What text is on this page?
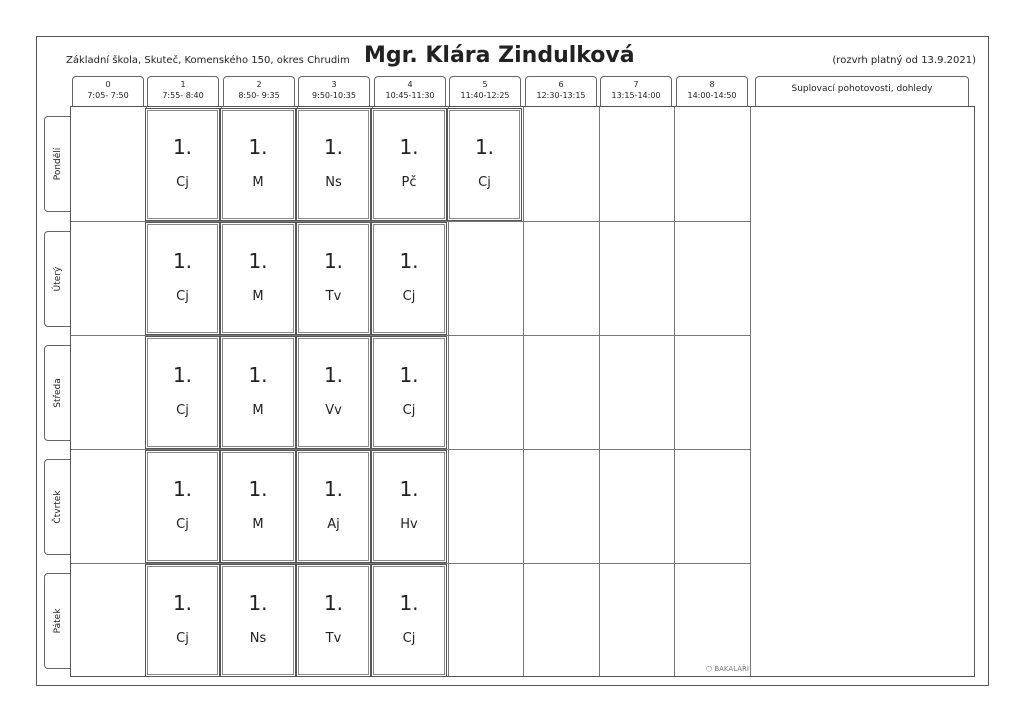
Základní škola, Skuteč, Komenského 150, okres Chrudim Mgr. Klára Zindulková	(rozvrh platný od 13.9.2021)
0
7:05- 7:50
1
7:55- 8:40
2
8:50- 9:35
3
9:50-10:35
4
10:45-11:30
5
11:40-12:25
6
12:30-13:15
7
13:15-14:00
8
14:00-14:50
Suplovací pohotovosti, dohledy
Pondělí
Úterý
Středa
Čtvrtek
Pátek
1.
Cj
1.
M
1.
Ns
1.
Pč
1.
Cj
1.
Cj
1.
M
1.
Tv
1.
Cj
1.
Cj
1.
M
1.
Vv
1.
Cj
1.
Cj
1.
M
1.
Aj
1.
Hv
1.
Cj
1.
Ns
1.
Tv
1.
Cj
⬡ BAKALÁŘI
